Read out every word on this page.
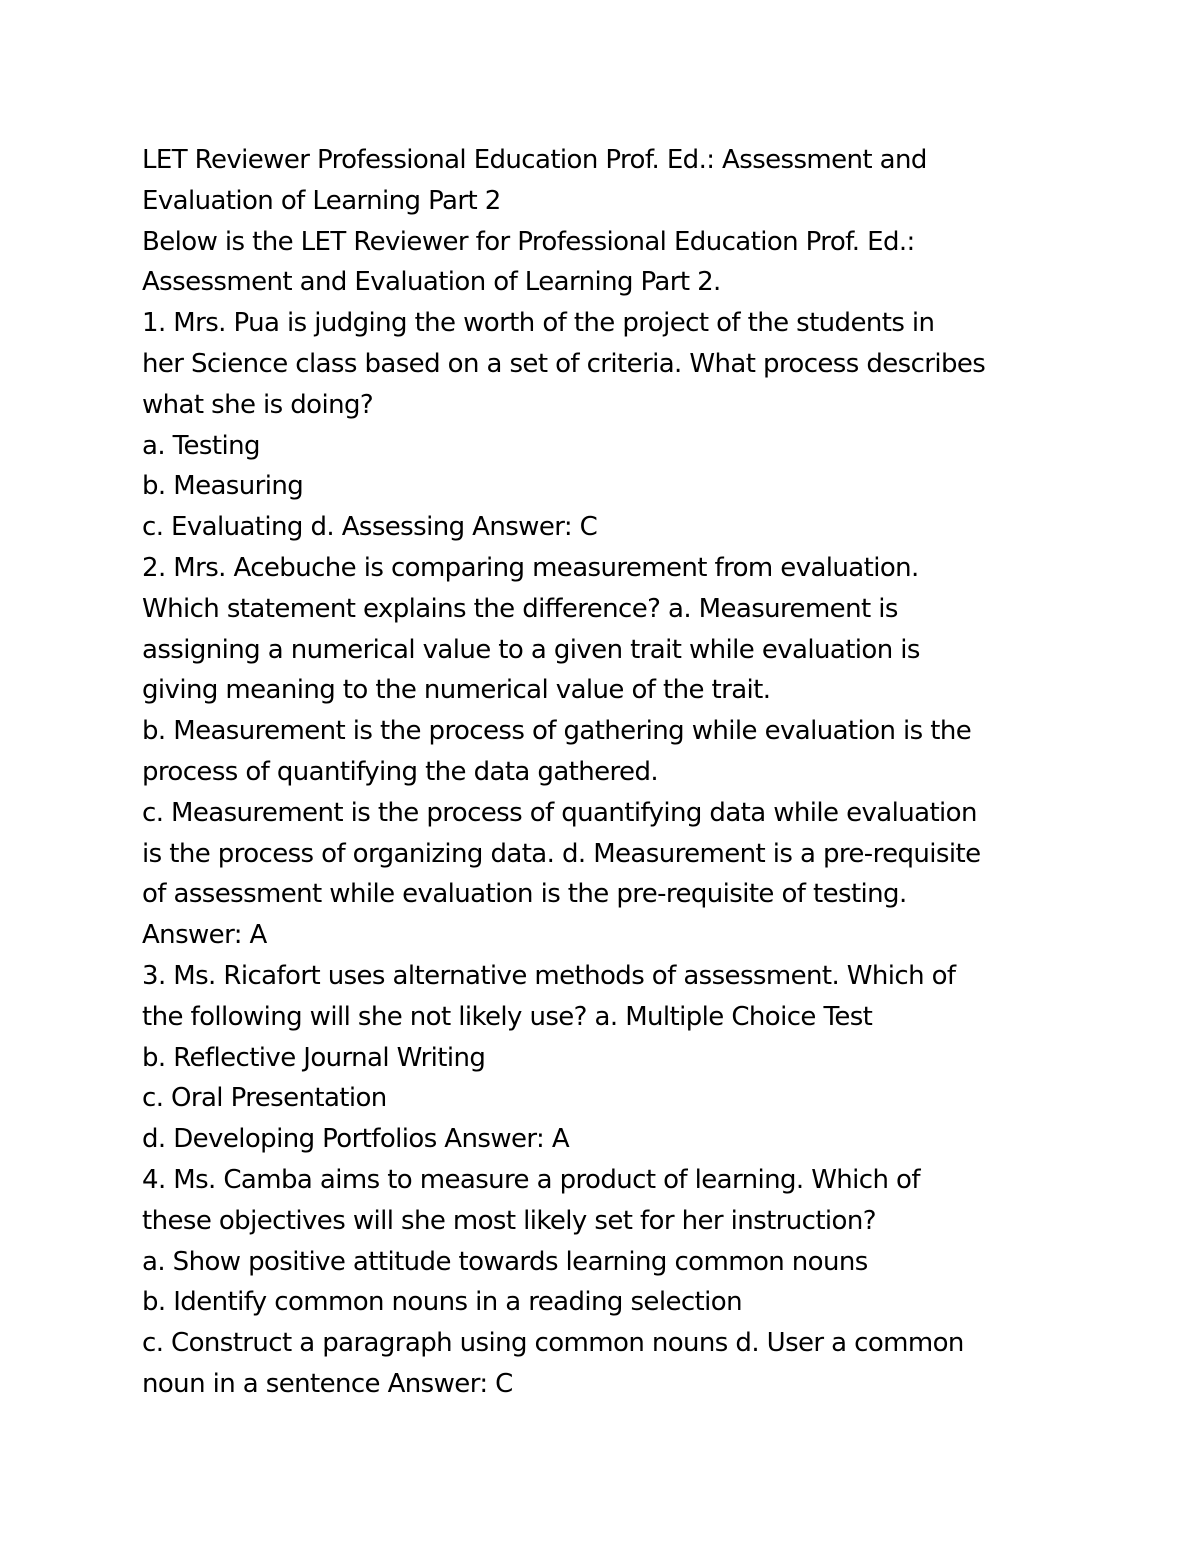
LET Reviewer Professional Education Prof. Ed.: Assessment and
Evaluation of Learning Part 2
Below is the LET Reviewer for Professional Education Prof. Ed.:
Assessment and Evaluation of Learning Part 2.
1. Mrs. Pua is judging the worth of the project of the students in
her Science class based on a set of criteria. What process describes
what she is doing?
a. Testing
b. Measuring
c. Evaluating d. Assessing Answer: C
2. Mrs. Acebuche is comparing measurement from evaluation.
Which statement explains the difference? a. Measurement is
assigning a numerical value to a given trait while evaluation is
giving meaning to the numerical value of the trait.
b. Measurement is the process of gathering while evaluation is the
process of quantifying the data gathered.
c. Measurement is the process of quantifying data while evaluation
is the process of organizing data. d. Measurement is a pre-requisite
of assessment while evaluation is the pre-requisite of testing.
Answer: A
3. Ms. Ricafort uses alternative methods of assessment. Which of
the following will she not likely use? a. Multiple Choice Test
b. Reflective Journal Writing
c. Oral Presentation
d. Developing Portfolios Answer: A
4. Ms. Camba aims to measure a product of learning. Which of
these objectives will she most likely set for her instruction?
a. Show positive attitude towards learning common nouns
b. Identify common nouns in a reading selection
c. Construct a paragraph using common nouns d. User a common
noun in a sentence Answer: C
